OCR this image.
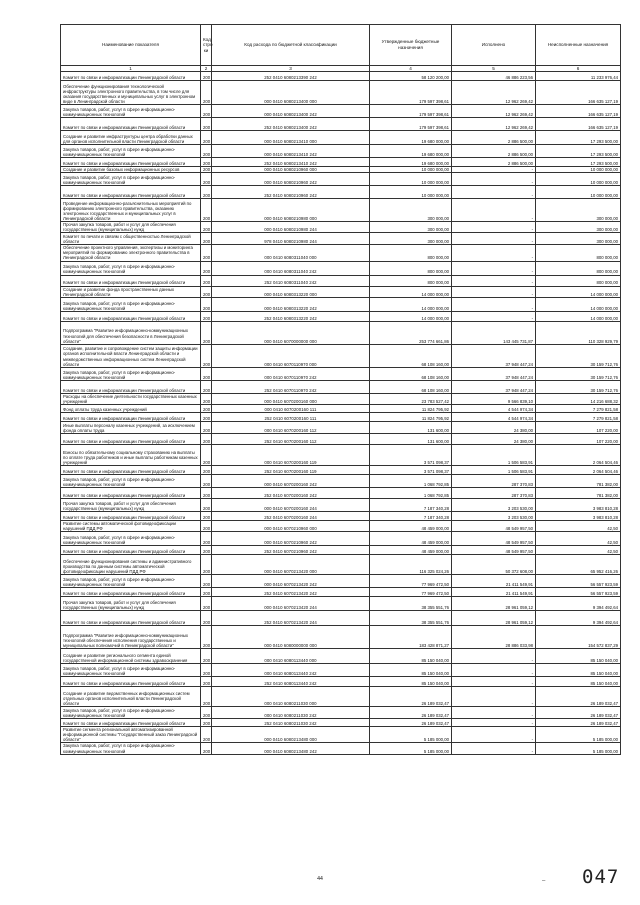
Наименование показателя	Код стро ки	Код расхода по бюджетной классификации	Утвержденные бюджетные назначения	Исполнено	Неисполненные назначения
1	2	3	4	5	6
Комитет по связи и информатизации Ленинградской области	200	252 0410 6080213390 242	58 120 200,00	46 886 223,56	11 233 976,44
Обеспечение функционирования технологической инфраструктуры электронного правительства, в том числе для оказания государственных и муниципальных услуг в электронном виде в Ленинградской области	200	000 0410 6080213400 000	179 597 398,61	12 962 269,42	166 635 127,19
Закупка товаров, работ, услуг в сфере информационно-коммуникационных технологий	200	000 0410 6080213400 242	179 597 398,61	12 962 269,42	166 635 127,19
Комитет по связи и информатизации Ленинградской области	200	252 0410 6080213400 242	179 597 398,61	12 962 269,42	166 635 127,19
Создание и развитие инфраструктуры центра обработки данных для органов исполнительной власти Ленинградской области	200	000 0410 6080213410 000	19 680 000,00	2 886 500,00	17 293 500,00
Закупка товаров, работ, услуг в сфере информационно-коммуникационных технологий	200	000 0410 6080213410 242	19 680 000,00	2 886 500,00	17 293 500,00
Комитет по связи и информатизации Ленинградской области	200	252 0410 6080213410 242	19 680 000,00	2 886 500,00	17 293 500,00
Создание и развитие базовых информационных ресурсов	200	000 0410 6080210960 000	10 000 000,00	-	10 000 000,00
Закупка товаров, работ, услуг в сфере информационно-коммуникационных технологий	200	000 0410 6080210960 242	10 000 000,00	-	10 000 000,00
Комитет по связи и информатизации Ленинградской области	200	252 0410 6080210960 242	10 000 000,00	-	10 000 000,00
Проведение информационно-разъяснительных мероприятий по формированию электронного правительства, оказанию электронных государственных и муниципальных услуг в Ленинградской области	200	000 0410 6080210980 000	300 000,00	-	300 000,00
Прочая закупка товаров, работ и услуг для обеспечения государственных (муниципальных) нужд	200	000 0410 6080210980 244	300 000,00	-	300 000,00
Комитет по печати и связям с общественностью Ленинградской области	200	978 0410 6080210980 244	300 000,00	-	300 000,00
Обеспечение проектного управления, экспертизы и мониторинга мероприятий по формированию электронного правительства в Ленинградской области	200	000 0410 6080311040 000	800 000,00	-	800 000,00
Закупка товаров, работ, услуг в сфере информационно-коммуникационных технологий	200	000 0410 6080311040 242	800 000,00	-	800 000,00
Комитет по связи и информатизации Ленинградской области	200	252 0410 6080311040 242	800 000,00	-	800 000,00
Создание и развитие фонда пространственных данных Ленинградской области	200	000 0410 6080313220 000	14 000 000,00	-	14 000 000,00
Закупка товаров, работ, услуг в сфере информационно-коммуникационных технологий	200	000 0410 6080313220 242	14 000 000,00	-	14 000 000,00
Комитет по связи и информатизации Ленинградской области	200	252 0410 6080313220 242	14 000 000,00	-	14 000 000,00
Подпрограмма "Развитие информационно-коммуникационных технологий для обеспечения безопасности в Ленинградской области"	200	000 0410 6070000000 000	253 774 661,86	143 445 731,87	110 328 929,79
Создание, развитие и сопровождение систем защиты информации органов исполнительной власти Ленинградской области и межведомственных информационных систем Ленинградской области	200	000 0410 6070110970 000	68 108 160,00	37 948 447,24	30 159 712,76
Закупка товаров, работ, услуг в сфере информационно-коммуникационных технологий	200	000 0410 6070110970 242	68 108 160,00	37 948 447,24	30 159 712,76
Комитет по связи и информатизации Ленинградской области	200	252 0410 6070110970 242	68 108 160,00	37 948 447,24	30 159 712,76
Расходы на обеспечение деятельности государственных казенных учреждений	200	000 0410 6070200160 000	23 783 527,42	9 566 839,10	14 216 688,32
Фонд оплаты труда казенных учреждений	200	000 0410 6070200160 111	11 824 795,92	4 544 974,34	7 279 821,58
Комитет по связи и информатизации Ленинградской области	200	252 0410 6070200160 111	11 824 795,92	4 544 974,34	7 279 821,58
Иные выплаты персоналу казенных учреждений, за исключением фонда оплаты труда	200	000 0410 6070200160 112	131 600,00	24 380,00	107 220,00
Комитет по связи и информатизации Ленинградской области	200	252 0410 6070200160 112	131 600,00	24 380,00	107 220,00
Взносы по обязательному социальному страхованию на выплаты по оплате труда работников и иные выплаты работникам казенных учреждений	200	000 0410 6070200160 119	3 571 098,37	1 506 583,91	2 064 504,46
Комитет по связи и информатизации Ленинградской области	200	252 0410 6070200160 119	3 571 098,37	1 506 583,91	2 064 504,46
Закупка товаров, работ, услуг в сфере информационно-коммуникационных технологий	200	000 0410 6070200160 242	1 068 792,85	287 370,83	781 382,00
Комитет по связи и информатизации Ленинградской области	200	252 0410 6070200160 242	1 068 792,85	287 370,83	781 382,00
Прочая закупка товаров, работ и услуг для обеспечения государственных (муниципальных) нужд	200	000 0410 6070200160 244	7 187 340,28	3 203 530,00	3 983 810,28
Комитет по связи и информатизации Ленинградской области	200	252 0410 6070200160 244	7 187 340,28	3 203 530,00	3 983 810,28
Развитие системы автоматической фотовидеофиксации нарушений ПДД РФ	200	000 0410 6070210960 000	48 459 000,00	48 549 957,50	42,50
Закупка товаров, работ, услуг в сфере информационно-коммуникационных технологий	200	000 0410 6070210960 242	48 459 000,00	48 549 957,50	42,50
Комитет по связи и информатизации Ленинградской области	200	252 0410 6070210960 242	48 459 000,00	48 549 957,50	42,50
Обеспечение функционирования системы и административного производства по данным системы автоматической фотовидеофиксации нарушений ПДД РФ	200	000 0410 6070213420 000	116 325 024,26	50 372 608,00	65 952 416,26
Закупка товаров, работ, услуг в сфере информационно-коммуникационных технологий	200	000 0410 6070213420 242	77 969 472,50	21 411 549,91	56 557 923,59
Комитет по связи и информатизации Ленинградской области	200	252 0410 6070213420 242	77 969 472,50	21 411 549,91	56 557 923,59
Прочая закупка товаров, работ и услуг для обеспечения государственных (муниципальных) нужд	200	000 0410 6070213420 244	38 355 551,76	28 961 059,12	9 394 492,64
Комитет по связи и информатизации Ленинградской области	200	252 0410 6070213420 244	38 355 551,76	28 961 059,12	9 394 492,64
Подпрограмма "Развитие информационно-коммуникационных технологий обеспечения исполнения государственных и муниципальных полномочий в Ленинградской области"	200	000 0410 6080000000 000	183 428 871,27	28 886 033,98	154 572 837,29
Создание и развитие регионального сегмента единой государственной информационной системы здравоохранения	200	000 0410 6080113440 000	85 150 040,00	-	85 150 040,00
Закупка товаров, работ, услуг в сфере информационно-коммуникационных технологий	200	000 0410 6080113440 242	85 150 040,00	-	85 150 040,00
Комитет по связи и информатизации Ленинградской области	200	252 0410 6080113440 242	85 150 040,00	-	85 150 040,00
Создание и развитие ведомственных информационных систем отдельных органов исполнительной власти Ленинградской области	200	000 0410 6080211030 000	26 189 032,47	-	26 189 032,47
Закупка товаров, работ, услуг в сфере информационно-коммуникационных технологий	200	000 0410 6080211030 242	26 189 032,47	-	26 189 032,47
Комитет по связи и информатизации Ленинградской области	200	252 0410 6080211030 242	26 189 032,47	-	26 189 032,47
Развитие сегмента региональной автоматизированной информационной системы "Государственный заказ Ленинградской области"	200	000 0410 6080213480 000	5 185 000,00	-	5 185 000,00
Закупка товаров, работ, услуг в сфере информационно-коммуникационных технологий	200	000 0410 6080213480 242	5 185 000,00	-	5 185 000,00
44	– 047
